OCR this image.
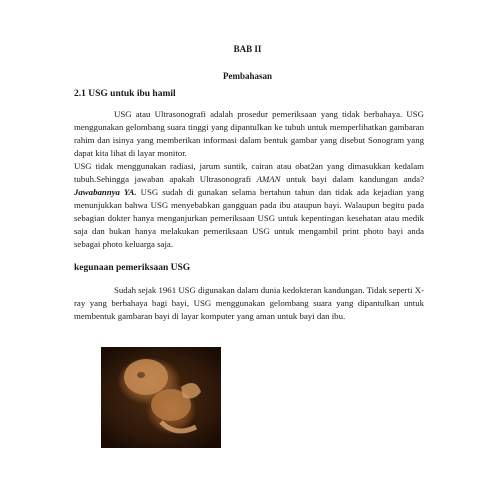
BAB II
Pembahasan
2.1 USG untuk ibu hamil

USG atau Ultrasonografi adalah prosedur pemeriksaan yang tidak berbahaya. USG menggunakan gelombang suara tinggi yang dipantulkan ke tubuh untuk memperlihatkan gambaran rahim dan isinya yang memberikan informasi dalam bentuk gambar yang disebut Sonogram yang dapat kita lihat di layar monitor.

USG tidak menggunakan radiasi, jarum suntik, cairan atau obat2an yang dimasukkan kedalam tubuh.Sehingga jawaban apakah Ultrasonografi AMAN untuk bayi dalam kandungan anda? Jawabannya YA. USG sudah di gunakan selama bertahun tahun dan tidak ada kejadian yang menunjukkan bahwa USG menyebabkan gangguan pada ibu ataupun bayi. Walaupun begitu pada sebagian dokter hanya menganjurkan pemeriksaan USG untuk kepentingan kesehatan atau medik saja dan bukan hanya melakukan pemeriksaan USG untuk mengambil print photo bayi anda sebagai photo keluarga saja.

kegunaan pemeriksaan USG

Sudah sejak 1961 USG digunakan dalam dunia kedokteran kandungan. Tidak seperti X-ray yang berbahaya bagi bayi, USG menggunakan gelombang suara yang dipantulkan untuk membentuk gambaran bayi di layar komputer yang aman untuk bayi dan ibu.
